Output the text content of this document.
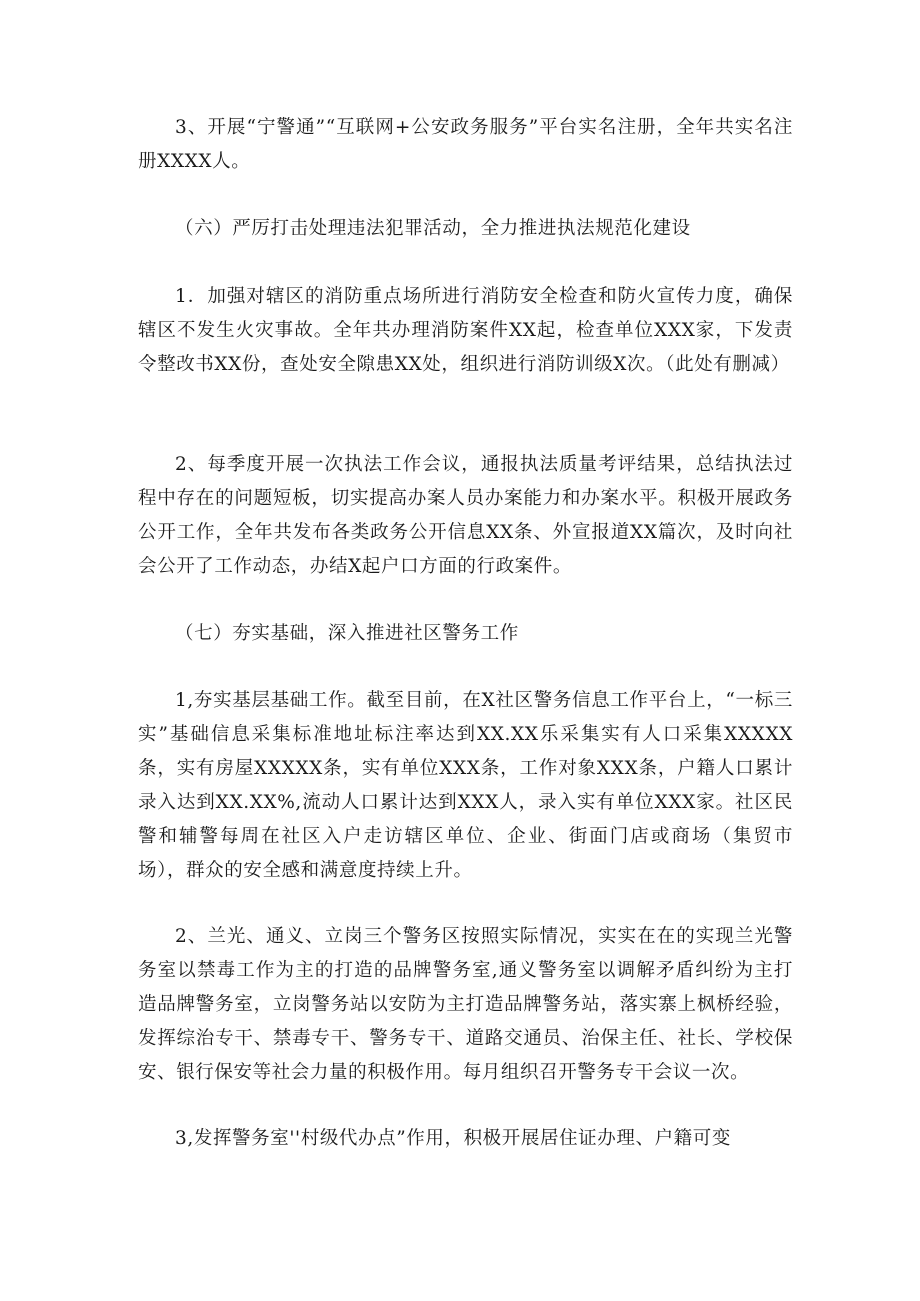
3、开展“宁警通”“互联网+公安政务服务”平台实名注册，全年共实名注册XXXX人。

（六）严厉打击处理违法犯罪活动，全力推进执法规范化建设

1．加强对辖区的消防重点场所进行消防安全检查和防火宣传力度，确保辖区不发生火灾事故。全年共办理消防案件XX起，检查单位XXX家，下发责令整改书XX份，查处安全隙患XX处，组织进行消防训级X次。（此处有删减）

2、每季度开展一次执法工作会议，通报执法质量考评结果，总结执法过程中存在的问题短板，切实提高办案人员办案能力和办案水平。积极开展政务公开工作，全年共发布各类政务公开信息XX条、外宣报道XX篇次，及时向社会公开了工作动态，办结X起户口方面的行政案件。

（七）夯实基础，深入推进社区警务工作

1,夯实基层基础工作。截至目前，在X社区警务信息工作平台上，“一标三实”基础信息采集标准地址标注率达到XX.XX乐采集实有人口采集XXXXX条，实有房屋XXXXX条，实有单位XXX条，工作对象XXX条，户籍人口累计录入达到XX.XX%,流动人口累计达到XXX人，录入实有单位XXX家。社区民警和辅警每周在社区入户走访辖区单位、企业、街面门店或商场（集贸市场），群众的安全感和满意度持续上升。

2、兰光、通义、立岗三个警务区按照实际情况，实实在在的实现兰光警务室以禁毒工作为主的打造的品牌警务室,通义警务室以调解矛盾纠纷为主打造品牌警务室，立岗警务站以安防为主打造品牌警务站，落实寨上枫桥经验，发挥综治专干、禁毒专干、警务专干、道路交通员、治保主任、社长、学校保安、银行保安等社会力量的积极作用。每月组织召开警务专干会议一次。

3,发挥警务室''村级代办点”作用，积极开展居住证办理、户籍可变
